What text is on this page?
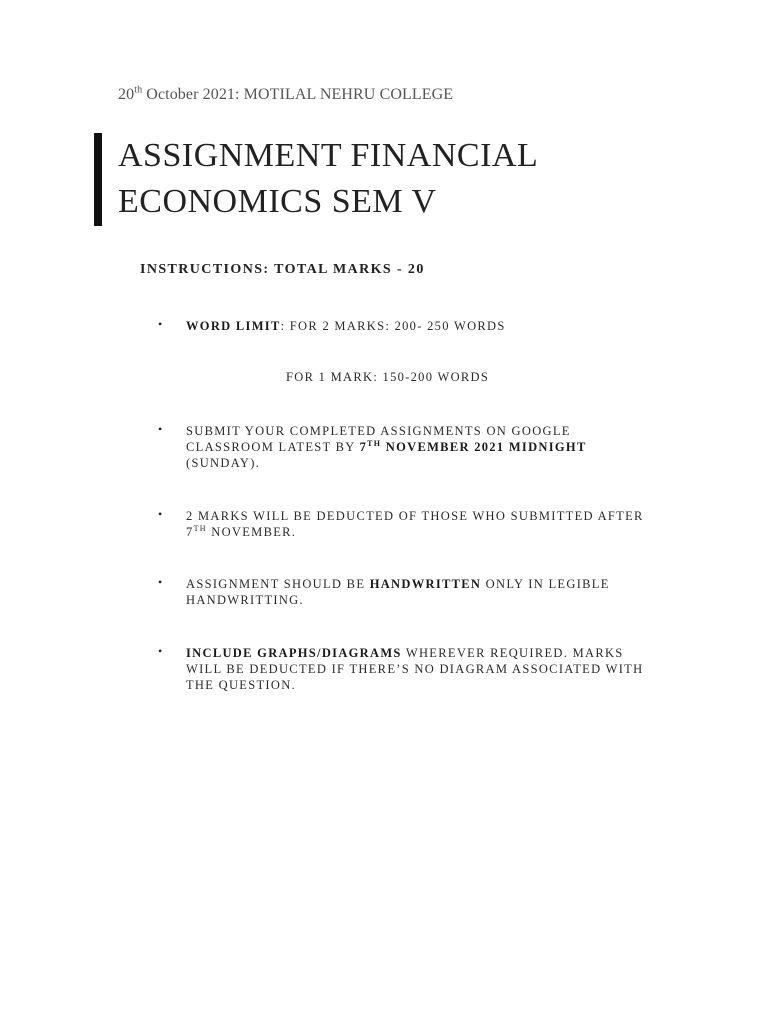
20th October 2021: MOTILAL NEHRU COLLEGE
ASSIGNMENT FINANCIAL
ECONOMICS SEM V
INSTRUCTIONS: TOTAL MARKS - 20
• WORD LIMIT: FOR 2 MARKS: 200- 250 WORDS
FOR 1 MARK: 150-200 WORDS
• SUBMIT YOUR COMPLETED ASSIGNMENTS ON GOOGLE
CLASSROOM LATEST BY 7TH NOVEMBER 2021 MIDNIGHT
(SUNDAY).
• 2 MARKS WILL BE DEDUCTED OF THOSE WHO SUBMITTED AFTER
7TH NOVEMBER.
• ASSIGNMENT SHOULD BE HANDWRITTEN ONLY IN LEGIBLE
HANDWRITTING.
• INCLUDE GRAPHS/DIAGRAMS WHEREVER REQUIRED. MARKS
WILL BE DEDUCTED IF THERE’S NO DIAGRAM ASSOCIATED WITH
THE QUESTION.
